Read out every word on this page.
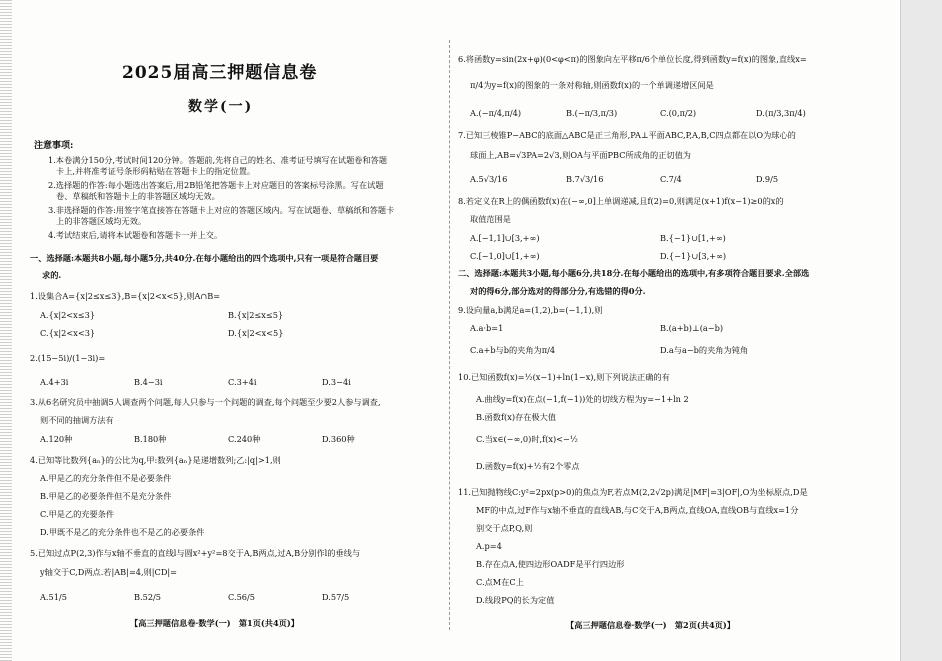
2025届高三押题信息卷
数学(一)
注意事项:
1.本卷满分150分,考试时间120分钟。答题前,先将自己的姓名、准考证号填写在试题卷和答题
卡上,并将准考证号条形码粘贴在答题卡上的指定位置。
2.选择题的作答:每小题选出答案后,用2B铅笔把答题卡上对应题目的答案标号涂黑。写在试题
卷、草稿纸和答题卡上的非答题区域均无效。
3.非选择题的作答:用签字笔直接答在答题卡上对应的答题区域内。写在试题卷、草稿纸和答题卡
上的非答题区域均无效。
4.考试结束后,请将本试题卷和答题卡一并上交。
一、选择题:本题共8小题,每小题5分,共40分.在每小题给出的四个选项中,只有一项是符合题目要
求的.
1.设集合A={x|2≤x≤3},B={x|2<x<5},则A∩B=
A.{x|2<x≤3}	B.{x|2≤x≤5}
C.{x|2<x<3}	D.{x|2<x<5}
2.(15−5i)/(1−3i)=
A.4+3i	B.4−3i	C.3+4i	D.3−4i
3.从6名研究员中抽调5人调查两个问题,每人只参与一个问题的调查,每个问题至少要2人参与调查,
则不同的抽调方法有
A.120种	B.180种	C.240种	D.360种
4.已知等比数列{aₙ}的公比为q,甲:数列{aₙ}是递增数列;乙:|q|>1,则
A.甲是乙的充分条件但不是必要条件
B.甲是乙的必要条件但不是充分条件
C.甲是乙的充要条件
D.甲既不是乙的充分条件也不是乙的必要条件
5.已知过点P(2,3)作与x轴不垂直的直线l与圆x²+y²=8交于A,B两点,过A,B分别作l的垂线与
y轴交于C,D两点.若|AB|=4,则|CD|=
A.51/5	B.52/5	C.56/5	D.57/5
【高三押题信息卷·数学(一)　第1页(共4页)】
6.将函数y=sin(2x+φ)(0<φ<π)的图象向左平移π/6个单位长度,得到函数y=f(x)的图象,直线x=
π/4为y=f(x)的图象的一条对称轴,则函数f(x)的一个单调递增区间是
A.(−π/4,π/4)	B.(−π/3,π/3)	C.(0,π/2)	D.(π/3,3π/4)
7.已知三棱锥P−ABC的底面△ABC是正三角形,PA⊥平面ABC,P,A,B,C四点都在以O为球心的
球面上,AB=√3PA=2√3,则OA与平面PBC所成角的正切值为
A.5√3/16	B.7√3/16	C.7/4	D.9/5
8.若定义在R上的偶函数f(x)在(−∞,0]上单调递减,且f(2)=0,则满足(x+1)f(x−1)≥0的x的
取值范围是
A.[−1,1]∪[3,+∞)	B.{−1}∪[1,+∞)
C.[−1,0]∪[1,+∞)	D.{−1}∪[3,+∞)
二、选择题:本题共3小题,每小题6分,共18分.在每小题给出的选项中,有多项符合题目要求.全部选
对的得6分,部分选对的得部分分,有选错的得0分.
9.设向量a,b满足a=(1,2),b=(−1,1),则
A.a·b=1	B.(a+b)⊥(a−b)
C.a+b与b的夹角为π/4	D.a与a−b的夹角为钝角
10.已知函数f(x)=½(x−1)+ln(1−x),则下列说法正确的有
A.曲线y=f(x)在点(−1,f(−1))处的切线方程为y=−1+ln 2
B.函数f(x)存在极大值
C.当x∈(−∞,0)时,f(x)<−½
D.函数y=f(x)+½有2个零点
11.已知抛物线C:y²=2px(p>0)的焦点为F,若点M(2,2√2p)满足|MF|=3|OF|,O为坐标原点,D是
MF的中点,过F作与x轴不垂直的直线AB,与C交于A,B两点,直线OA,直线OB与直线x=1分
别交于点P,Q,则
A.p=4
B.存在点A,使四边形OADF是平行四边形
C.点M在C上
D.线段PQ的长为定值
【高三押题信息卷·数学(一)　第2页(共4页)】
